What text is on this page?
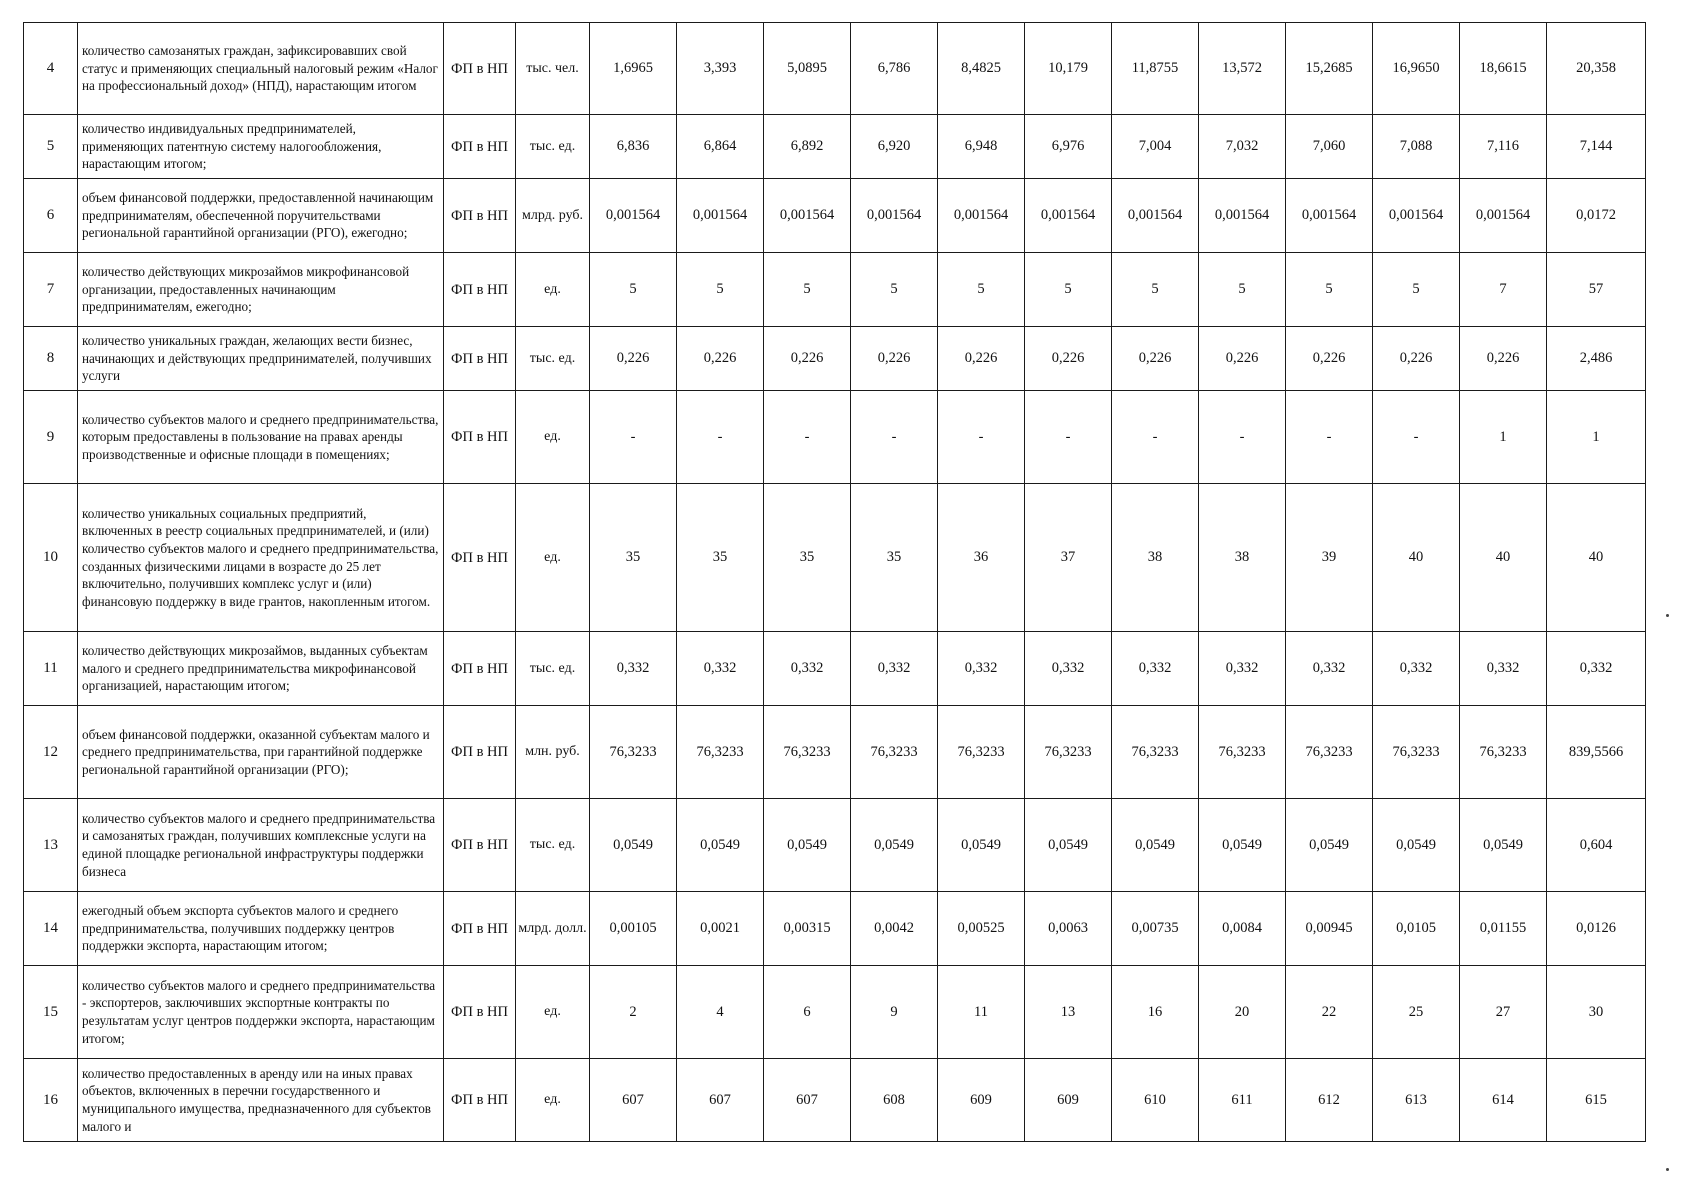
4	количество самозанятых граждан, зафиксировавших свой статус и применяющих специальный налоговый режим «Налог на профессиональный доход» (НПД), нарастающим итогом	ФП в НП	тыс. чел.	1,6965	3,393	5,0895	6,786	8,4825	10,179	11,8755	13,572	15,2685	16,9650	18,6615	20,358
5	количество индивидуальных предпринимателей, применяющих патентную систему налогообложения, нарастающим итогом;	ФП в НП	тыс. ед.	6,836	6,864	6,892	6,920	6,948	6,976	7,004	7,032	7,060	7,088	7,116	7,144
6	объем финансовой поддержки, предоставленной начинающим предпринимателям, обеспеченной поручительствами региональной гарантийной организации (РГО), ежегодно;	ФП в НП	млрд. руб.	0,001564	0,001564	0,001564	0,001564	0,001564	0,001564	0,001564	0,001564	0,001564	0,001564	0,001564	0,0172
7	количество действующих микрозаймов микрофинансовой организации, предоставленных начинающим предпринимателям, ежегодно;	ФП в НП	ед.	5	5	5	5	5	5	5	5	5	5	7	57
8	количество уникальных граждан, желающих вести бизнес, начинающих и действующих предпринимателей, получивших услуги	ФП в НП	тыс. ед.	0,226	0,226	0,226	0,226	0,226	0,226	0,226	0,226	0,226	0,226	0,226	2,486
9	количество субъектов малого и среднего предпринимательства, которым предоставлены в пользование на правах аренды производственные и офисные площади в помещениях;	ФП в НП	ед.	-	-	-	-	-	-	-	-	-	-	1	1
10	количество уникальных социальных предприятий, включенных в реестр социальных предпринимателей, и (или) количество субъектов малого и среднего предпринимательства, созданных физическими лицами в возрасте до 25 лет включительно, получивших комплекс услуг и (или) финансовую поддержку в виде грантов, накопленным итогом.	ФП в НП	ед.	35	35	35	35	36	37	38	38	39	40	40	40
11	количество действующих микрозаймов, выданных субъектам малого и среднего предпринимательства микрофинансовой организацией, нарастающим итогом;	ФП в НП	тыс. ед.	0,332	0,332	0,332	0,332	0,332	0,332	0,332	0,332	0,332	0,332	0,332	0,332
12	объем финансовой поддержки, оказанной субъектам малого и среднего предпринимательства, при гарантийной поддержке региональной гарантийной организации (РГО);	ФП в НП	млн. руб.	76,3233	76,3233	76,3233	76,3233	76,3233	76,3233	76,3233	76,3233	76,3233	76,3233	76,3233	839,5566
13	количество субъектов малого и среднего предпринимательства и самозанятых граждан, получивших комплексные услуги на единой площадке региональной инфраструктуры поддержки бизнеса	ФП в НП	тыс. ед.	0,0549	0,0549	0,0549	0,0549	0,0549	0,0549	0,0549	0,0549	0,0549	0,0549	0,0549	0,604
14	ежегодный объем экспорта субъектов малого и среднего предпринимательства, получивших поддержку центров поддержки экспорта, нарастающим итогом;	ФП в НП	млрд. долл.	0,00105	0,0021	0,00315	0,0042	0,00525	0,0063	0,00735	0,0084	0,00945	0,0105	0,01155	0,0126
15	количество субъектов малого и среднего предпринимательства - экспортеров, заключивших экспортные контракты по результатам услуг центров поддержки экспорта, нарастающим итогом;	ФП в НП	ед.	2	4	6	9	11	13	16	20	22	25	27	30
16	количество предоставленных в аренду или на иных правах объектов, включенных в перечни государственного и муниципального имущества, предназначенного для субъектов малого и	ФП в НП	ед.	607	607	607	608	609	609	610	611	612	613	614	615
